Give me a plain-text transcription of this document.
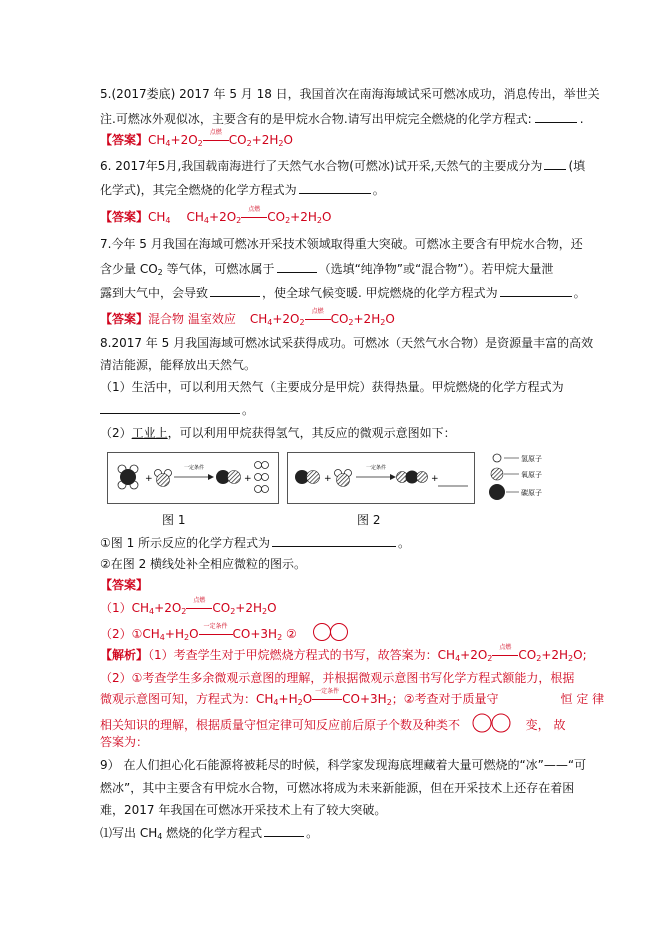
5.(2017娄底) 2017 年 5 月 18 日，我国首次在南海海域试采可燃冰成功，消息传出，举世关
注.可燃冰外观似冰，主要含有的是甲烷水合物.请写出甲烷完全燃烧的化学方程式:	.
【答案】$CH_4+2O_2$
点燃
$CO_2+2H_2O$
6. 2017年5月,我国载南海进行了天然气水合物(可燃冰)试开采,天然气的主要成分为 (填
化学式)，其完全燃烧的化学方程式为	。
【答案】$CH_4$ $CH_4+2O_2$
点燃
$CO_2+2H_2O$
7.今年 5 月我国在海域可燃冰开采技术领域取得重大突破。可燃冰主要含有甲烷水合物，还
含少量 $CO_2$ 等气体，可燃冰属于	（选填“纯净物”或“混合物”）。若甲烷大量泄
露到大气中，会导致	，使全球气候变暖. 甲烷燃烧的化学方程式为	。
【答案】混合物 温室效应 $CH_4+2O_2$
点燃
$CO_2+2H_2O$
8.2017 年 5 月我国海域可燃冰试采获得成功。可燃冰（天然气水合物）是资源量丰富的高效
清洁能源，能释放出天然气。
（1）生活中，可以利用天然气（主要成分是甲烷）获得热量。甲烷燃烧的化学方程式为
。
（2）工业上，可以利用甲烷获得氢气，其反应的微观示意图如下：
+
一定条件
+	+
一定条件
+
氢原子
氧原子
碳原子
图 1	图 2
①图 1 所示反应的化学方程式为	。
②在图 2 横线处补全相应微粒的图示。
【答案】
$(1)CH_4+2O_2$
点燃
$CO_2+2H_2O$
$(2)①CH_4+H_2O$
一定条件
$CO+3H_2$ ②
【解析】（1）考查学生对于甲烷燃烧方程式的书写，故答案为：$CH_4+2O_2$
点燃
$CO_2+2H_2O$;
（2）①考查学生多余微观示意图的理解，并根据微观示意图书写化学方程式额能力，根据
微观示意图可知，方程式为：$CH_4+H_2O$
一定条件
$CO+3H_2$；②考查对于质量守	恒 定 律
相关知识的理解，根据质量守恒定律可知反应前后原子个数及种类不	变， 故
答案为：
9） 在人们担心化石能源将被耗尽的时候，科学家发现海底埋藏着大量可燃烧的“冰”——“可
燃冰”，其中主要含有甲烷水合物，可燃冰将成为未来新能源，但在开采技术上还存在着困
难，2017 年我国在可燃冰开采技术上有了较大突破。
⑴写出 $CH_4$ 燃烧的化学方程式	。
